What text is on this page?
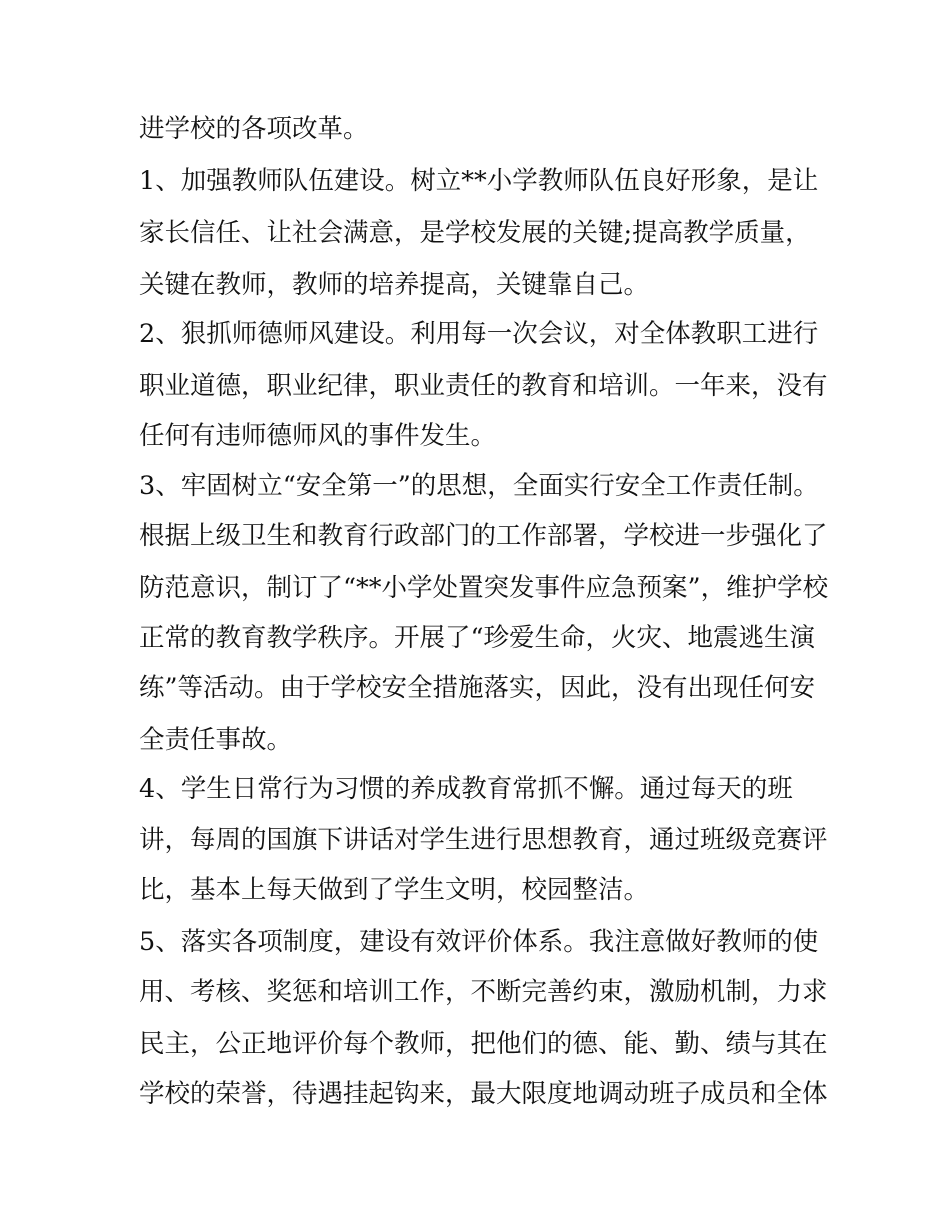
进学校的各项改革。
1、加强教师队伍建设。树立**小学教师队伍良好形象，是让
家长信任、让社会满意，是学校发展的关键;提高教学质量，
关键在教师，教师的培养提高，关键靠自己。
2、狠抓师德师风建设。利用每一次会议，对全体教职工进行
职业道德，职业纪律，职业责任的教育和培训。一年来，没有
任何有违师德师风的事件发生。
3、牢固树立“安全第一”的思想，全面实行安全工作责任制。
根据上级卫生和教育行政部门的工作部署，学校进一步强化了
防范意识，制订了“**小学处置突发事件应急预案”，维护学校
正常的教育教学秩序。开展了“珍爱生命，火灾、地震逃生演
练”等活动。由于学校安全措施落实，因此，没有出现任何安
全责任事故。
4、学生日常行为习惯的养成教育常抓不懈。通过每天的班
讲，每周的国旗下讲话对学生进行思想教育，通过班级竞赛评
比，基本上每天做到了学生文明，校园整洁。
5、落实各项制度，建设有效评价体系。我注意做好教师的使
用、考核、奖惩和培训工作，不断完善约束，激励机制，力求
民主，公正地评价每个教师，把他们的德、能、勤、绩与其在
学校的荣誉，待遇挂起钩来，最大限度地调动班子成员和全体
